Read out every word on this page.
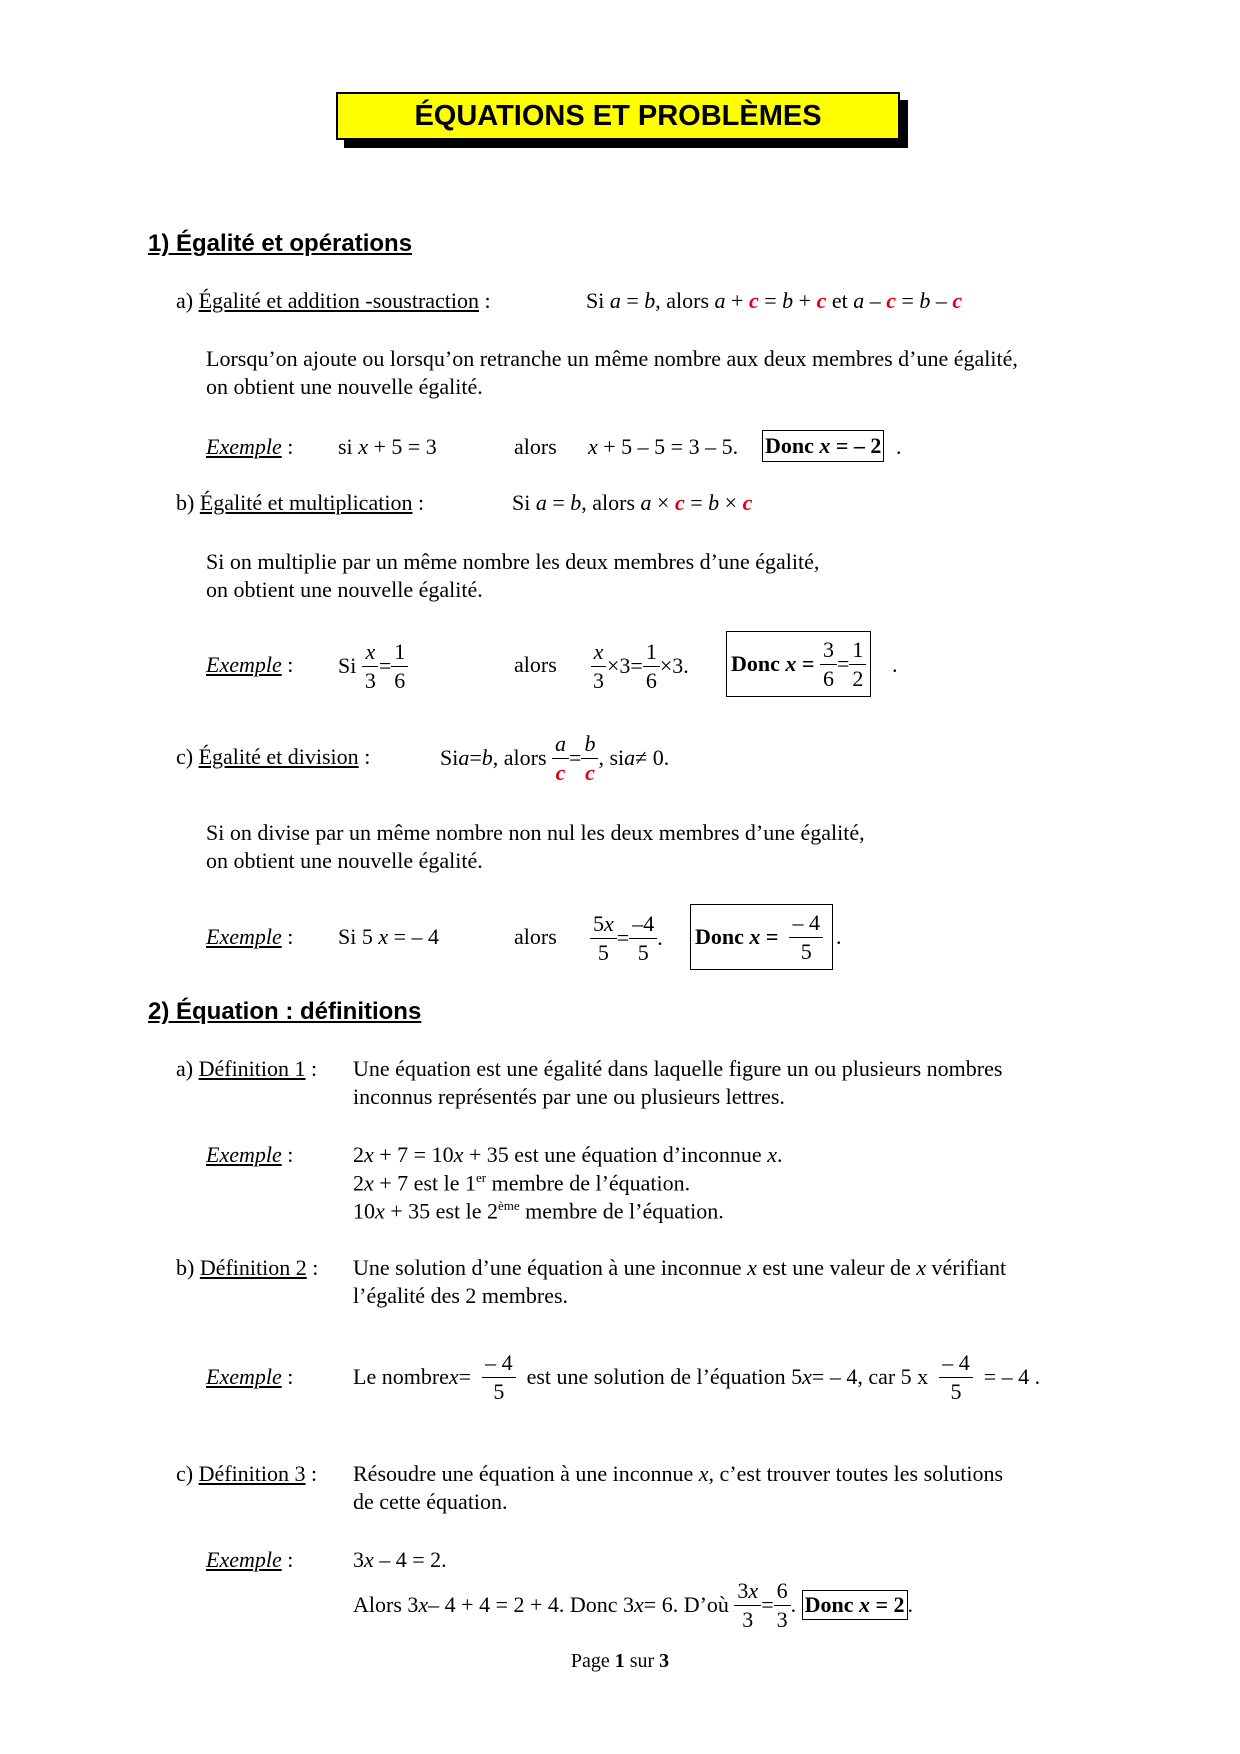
ÉQUATIONS ET PROBLÈMES
1) Égalité et opérations
a) Égalité et addition -soustraction :	Si a = b, alors a + c = b + c et a – c = b – c
Lorsqu’on ajoute ou lorsqu’on retranche un même nombre aux deux membres d’une égalité,
on obtient une nouvelle égalité.
Exemple : si x + 5 = 3	alors x + 5 – 5 = 3 – 5. Donc x = – 2 .
b) Égalité et multiplication :	Si a = b, alors a × c = b × c
Si on multiplie par un même nombre les deux membres d’une égalité,
on obtient une nouvelle égalité.
Exemple : Si
$\frac{x}{3} = \frac{1}{6}$	alors $\frac{x}{3} \times 3 = \frac{1}{6} \times 3$ . Donc x =
$\frac{3}{6} = \frac{1}{2}$ .
c) Égalité et division :	Si a = b , alors
$\frac{a}{c} = \frac{b}{c}$ , si a ≠ 0.
Si on divise par un même nombre non nul les deux membres d’une égalité,
on obtient une nouvelle égalité.
Exemple : Si 5 x = – 4	alors $\frac{5x}{5} = \frac{-4}{5}$ . Donc x =
$\frac{- 4}{5}$
.
2) Équation : définitions
a) Définition 1 : Une équation est une égalité dans laquelle figure un ou plusieurs nombres
inconnus représentés par une ou plusieurs lettres.
Exemple :	2x + 7 = 10x + 35 est une équation d’inconnue x.
2x + 7 est le 1er membre de l’équation.
10x + 35 est le 2ème membre de l’équation.
b) Définition 2 : Une solution d’une équation à une inconnue x est une valeur de x vérifiant
l’égalité des 2 membres.
Exemple :	Le nombre x =
$\frac{- 4}{5}$
est une solution de l’équation 5 x = – 4, car 5 x
$\frac{- 4}{5}$
= – 4 .
c) Définition 3 : Résoudre une équation à une inconnue x, c’est trouver toutes les solutions
de cette équation.
Exemple :	3x – 4 = 2.
Alors 3 x – 4 + 4 = 2 + 4. Donc 3 x = 6. D’où
$\frac{3x}{3} = \frac{6}{3}$ .
Donc x = 2 .
Page 1 sur 3
